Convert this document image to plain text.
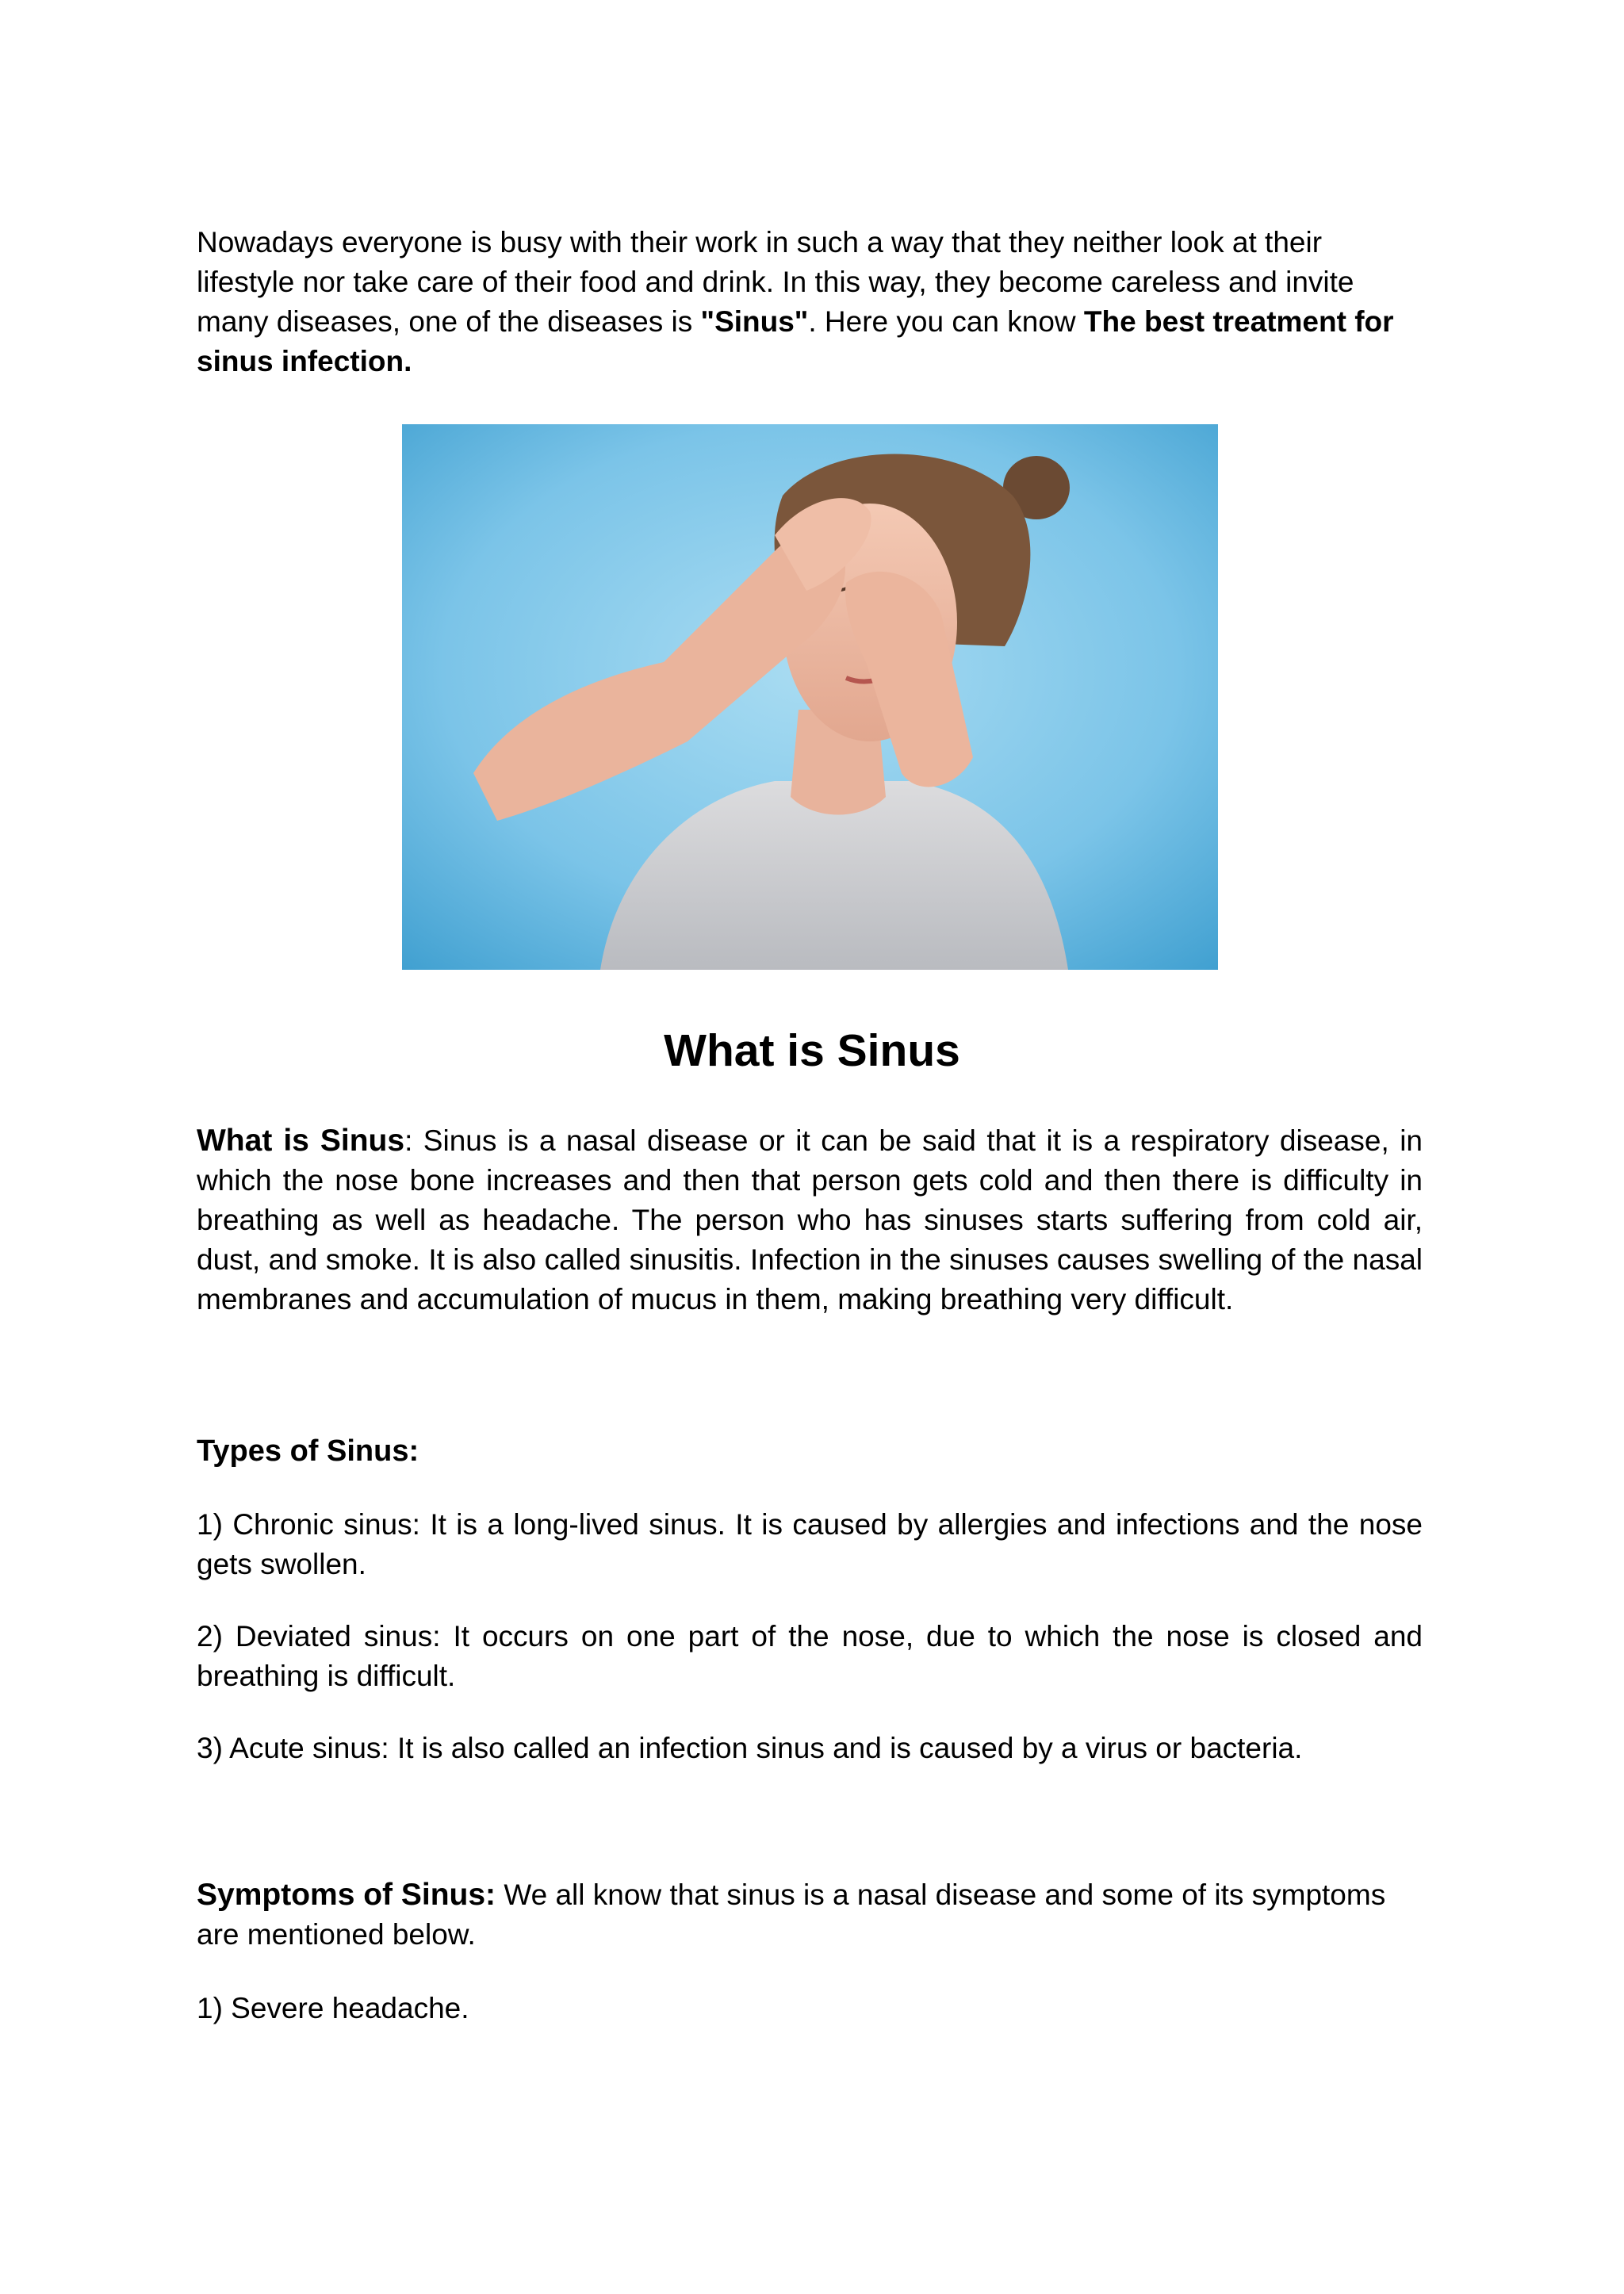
Nowadays everyone is busy with their work in such a way that they neither look at their lifestyle nor take care of their food and drink. In this way, they become careless and invite many diseases, one of the diseases is "Sinus". Here you can know The best treatment for sinus infection.

What is Sinus

What is Sinus: Sinus is a nasal disease or it can be said that it is a respiratory disease, in which the nose bone increases and then that person gets cold and then there is difficulty in breathing as well as headache. The person who has sinuses starts suffering from cold air, dust, and smoke. It is also called sinusitis. Infection in the sinuses causes swelling of the nasal membranes and accumulation of mucus in them, making breathing very difficult.

Types of Sinus:

1) Chronic sinus: It is a long-lived sinus. It is caused by allergies and infections and the nose gets swollen.

2) Deviated sinus: It occurs on one part of the nose, due to which the nose is closed and breathing is difficult.

3) Acute sinus: It is also called an infection sinus and is caused by a virus or bacteria.

Symptoms of Sinus: We all know that sinus is a nasal disease and some of its symptoms are mentioned below.

1) Severe headache.
